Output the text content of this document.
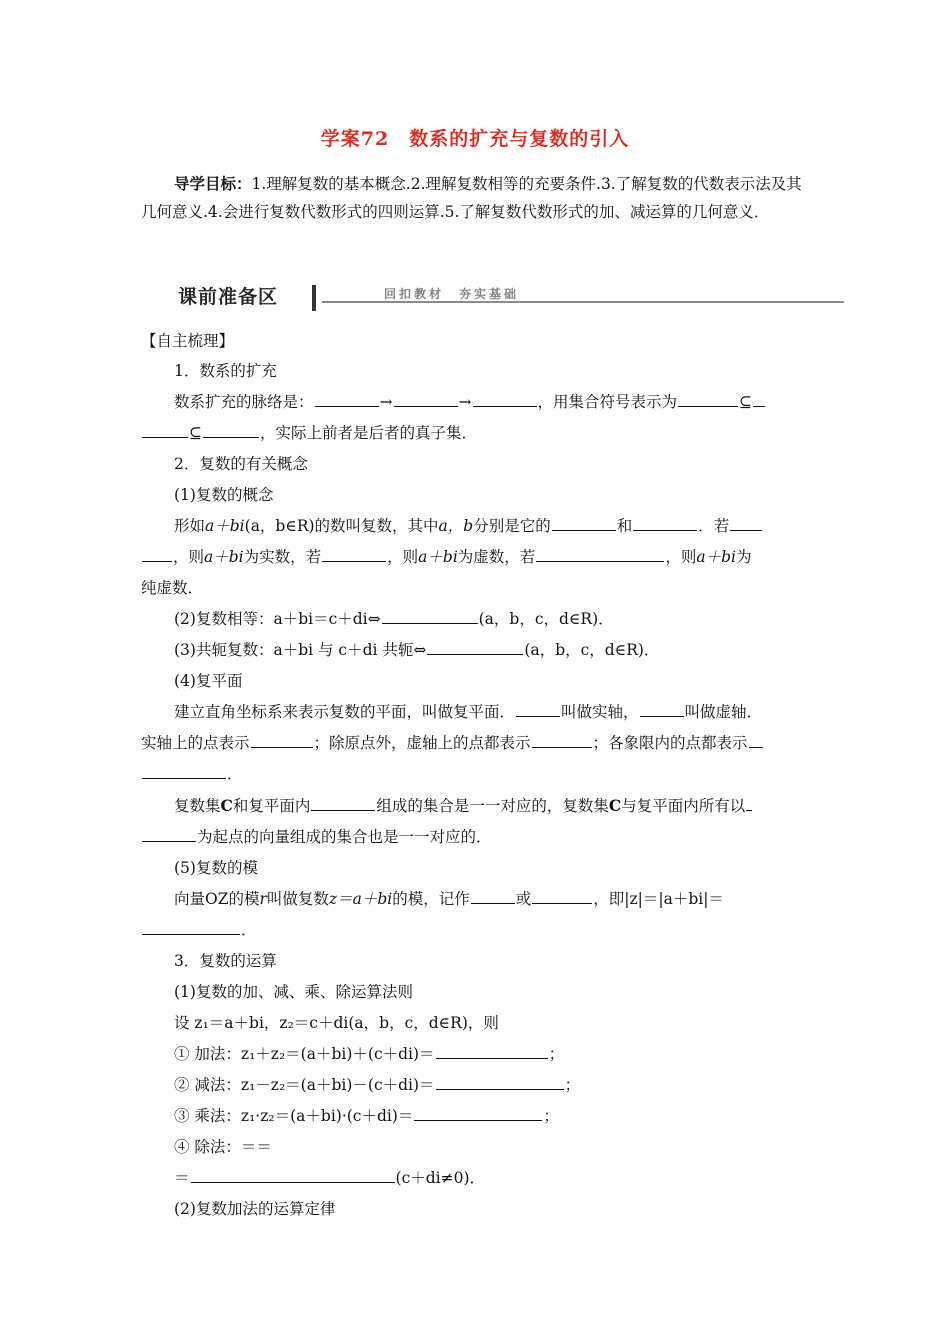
学案72　数系的扩充与复数的引入
导学目标：1.理解复数的基本概念.2.理解复数相等的充要条件.3.了解复数的代数表示法及其几何意义.4.会进行复数代数形式的四则运算.5.了解复数代数形式的加、减运算的几何意义．
课前准备区	回扣教材　夯实基础
【自主梳理】
1．数系的扩充
数系扩充的脉络是：	→	→	，用集合符号表示为	⊆
⊆	，实际上前者是后者的真子集．
2．复数的有关概念
(1)复数的概念
形如a＋bi(a，b∈R)的数叫复数，其中a，b分别是它的	和	．若
，则a＋bi为实数，若	，则a＋bi为虚数，若	，则a＋bi为
纯虚数．
(2)复数相等：a＋bi＝c＋di⇔	(a，b，c，d∈R)．
(3)共轭复数：a＋bi 与 c＋di 共轭⇔	(a，b，c，d∈R)．
(4)复平面
建立直角坐标系来表示复数的平面，叫做复平面．	叫做实轴，	叫做虚轴．
实轴上的点表示	；除原点外，虚轴上的点都表示	；各象限内的点都表示
．
复数集C和复平面内	组成的集合是一一对应的，复数集C与复平面内所有以
为起点的向量组成的集合也是一一对应的．
(5)复数的模
向量OZ的模r叫做复数z＝a＋bi的模，记作	或	，即|z|＝|a＋bi|＝
．
3．复数的运算
(1)复数的加、减、乘、除运算法则
设 z₁＝a＋bi，z₂＝c＋di(a，b，c，d∈R)，则
① 加法：z₁＋z₂＝(a＋bi)＋(c＋di)＝	；
② 减法：z₁－z₂＝(a＋bi)－(c＋di)＝	；
③ 乘法：z₁·z₂＝(a＋bi)·(c＋di)＝	；
④ 除法：＝＝
＝	(c＋di≠0)．
(2)复数加法的运算定律
